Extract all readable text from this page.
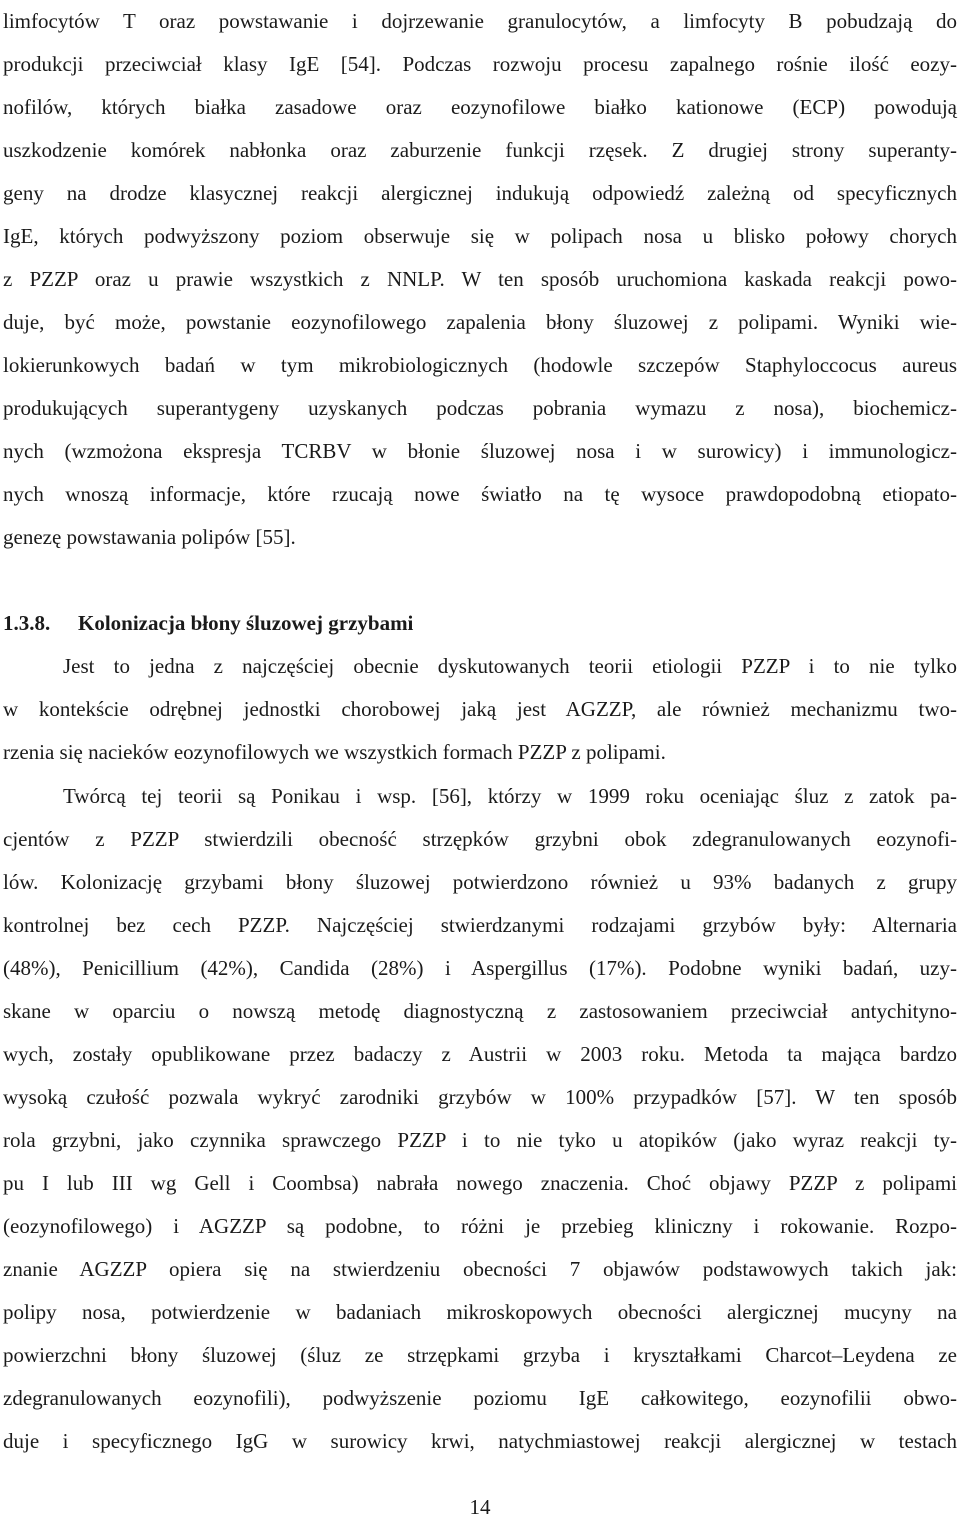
limfocytów T oraz powstawanie i dojrzewanie granulocytów, a limfocyty B pobudzają do
produkcji przeciwciał klasy IgE [54]. Podczas rozwoju procesu zapalnego rośnie ilość eozy-
nofilów, których białka zasadowe oraz eozynofilowe białko kationowe (ECP) powodują
uszkodzenie komórek nabłonka oraz zaburzenie funkcji rzęsek. Z drugiej strony superanty-
geny na drodze klasycznej reakcji alergicznej indukują odpowiedź zależną od specyficznych
IgE, których podwyższony poziom obserwuje się w polipach nosa u blisko połowy chorych
z PZZP oraz u prawie wszystkich z NNLP. W ten sposób uruchomiona kaskada reakcji powo-
duje, być może, powstanie eozynofilowego zapalenia błony śluzowej z polipami. Wyniki wie-
lokierunkowych badań w tym mikrobiologicznych (hodowle szczepów Staphyloccocus aureus
produkujących superantygeny uzyskanych podczas pobrania wymazu z nosa), biochemicz-
nych (wzmożona ekspresja TCRBV w błonie śluzowej nosa i w surowicy) i immunologicz-
nych wnoszą informacje, które rzucają nowe światło na tę wysoce prawdopodobną etiopato-
genezę powstawania polipów [55].
1.3.8. Kolonizacja błony śluzowej grzybami
Jest to jedna z najczęściej obecnie dyskutowanych teorii etiologii PZZP i to nie tylko
w kontekście odrębnej jednostki chorobowej jaką jest AGZZP, ale również mechanizmu two-
rzenia się nacieków eozynofilowych we wszystkich formach PZZP z polipami.
Twórcą tej teorii są Ponikau i wsp. [56], którzy w 1999 roku oceniając śluz z zatok pa-
cjentów z PZZP stwierdzili obecność strzępków grzybni obok zdegranulowanych eozynofi-
lów. Kolonizację grzybami błony śluzowej potwierdzono również u 93% badanych z grupy
kontrolnej bez cech PZZP. Najczęściej stwierdzanymi rodzajami grzybów były: Alternaria
(48%), Penicillium (42%), Candida (28%) i Aspergillus (17%). Podobne wyniki badań, uzy-
skane w oparciu o nowszą metodę diagnostyczną z zastosowaniem przeciwciał antychityno-
wych, zostały opublikowane przez badaczy z Austrii w 2003 roku. Metoda ta mająca bardzo
wysoką czułość pozwala wykryć zarodniki grzybów w 100% przypadków [57]. W ten sposób
rola grzybni, jako czynnika sprawczego PZZP i to nie tyko u atopików (jako wyraz reakcji ty-
pu I lub III wg Gell i Coombsa) nabrała nowego znaczenia. Choć objawy PZZP z polipami
(eozynofilowego) i AGZZP są podobne, to różni je przebieg kliniczny i rokowanie. Rozpo-
znanie AGZZP opiera się na stwierdzeniu obecności 7 objawów podstawowych takich jak:
polipy nosa, potwierdzenie w badaniach mikroskopowych obecności alergicznej mucyny na
powierzchni błony śluzowej (śluz ze strzępkami grzyba i kryształkami Charcot–Leydena ze
zdegranulowanych eozynofili), podwyższenie poziomu IgE całkowitego, eozynofilii obwo-
duje i specyficznego IgG w surowicy krwi, natychmiastowej reakcji alergicznej w testach
14
